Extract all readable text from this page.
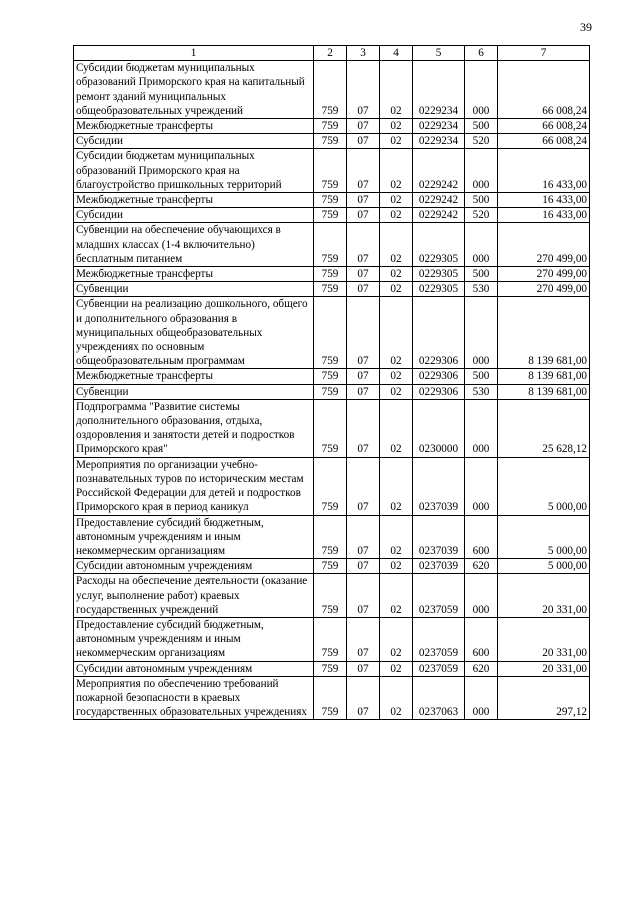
39
1	2	3	4	5	6	7
Субсидии бюджетам муниципальных образований Приморского края на капитальный ремонт зданий муниципальных общеобразовательных учреждений	759	07	02	0229234	000	66 008,24
Межбюджетные трансферты	759	07	02	0229234	500	66 008,24
Субсидии	759	07	02	0229234	520	66 008,24
Субсидии бюджетам муниципальных образований Приморского края на благоустройство пришкольных территорий	759	07	02	0229242	000	16 433,00
Межбюджетные трансферты	759	07	02	0229242	500	16 433,00
Субсидии	759	07	02	0229242	520	16 433,00
Субвенции на обеспечение обучающихся в младших классах (1-4 включительно) бесплатным питанием	759	07	02	0229305	000	270 499,00
Межбюджетные трансферты	759	07	02	0229305	500	270 499,00
Субвенции	759	07	02	0229305	530	270 499,00
Субвенции на реализацию дошкольного, общего и дополнительного образования в муниципальных общеобразовательных учреждениях по основным общеобразовательным программам	759	07	02	0229306	000	8 139 681,00
Межбюджетные трансферты	759	07	02	0229306	500	8 139 681,00
Субвенции	759	07	02	0229306	530	8 139 681,00
Подпрограмма "Развитие системы дополнительного образования, отдыха, оздоровления и занятости детей и подростков Приморского края"	759	07	02	0230000	000	25 628,12
Мероприятия по организации учебно-познавательных туров по историческим местам Российской Федерации для детей и подростков Приморского края в период каникул	759	07	02	0237039	000	5 000,00
Предоставление субсидий бюджетным, автономным учреждениям и иным некоммерческим организациям	759	07	02	0237039	600	5 000,00
Субсидии автономным учреждениям	759	07	02	0237039	620	5 000,00
Расходы на обеспечение деятельности (оказание услуг, выполнение работ) краевых государственных учреждений	759	07	02	0237059	000	20 331,00
Предоставление субсидий бюджетным, автономным учреждениям и иным некоммерческим организациям	759	07	02	0237059	600	20 331,00
Субсидии автономным учреждениям	759	07	02	0237059	620	20 331,00
Мероприятия по обеспечению требований пожарной безопасности в краевых государственных образовательных учреждениях	759	07	02	0237063	000	297,12
